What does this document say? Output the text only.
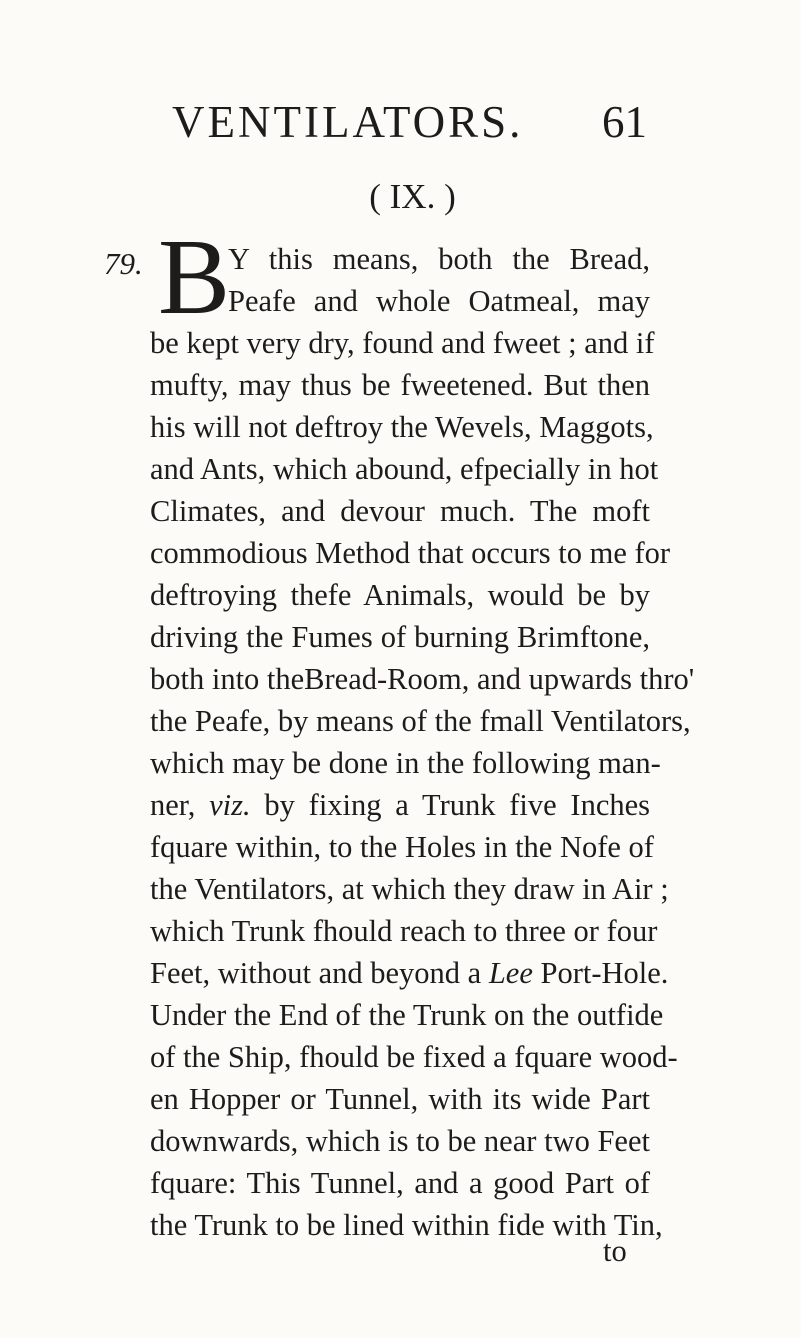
VENTILATORS. 61
( IX. )
79. B
Y this means, both the Bread,
Peafe and whole Oatmeal, may
be kept very dry, found and fweet ; and if
mufty, may thus be fweetened. But then
his will not deftroy the Wevels, Maggots,
and Ants, which abound, efpecially in hot
Climates, and devour much. The moft
commodious Method that occurs to me for
deftroying thefe Animals, would be by
driving the Fumes of burning Brimftone,
both into theBread-Room, and upwards thro'
the Peafe, by means of the fmall Ventilators,
which may be done in the following man-
ner, viz. by fixing a Trunk five Inches
fquare within, to the Holes in the Nofe of
the Ventilators, at which they draw in Air ;
which Trunk fhould reach to three or four
Feet, without and beyond a Lee Port-Hole.
Under the End of the Trunk on the outfide
of the Ship, fhould be fixed a fquare wood-
en Hopper or Tunnel, with its wide Part
downwards, which is to be near two Feet
fquare: This Tunnel, and a good Part of
the Trunk to be lined within fide with Tin,
to
